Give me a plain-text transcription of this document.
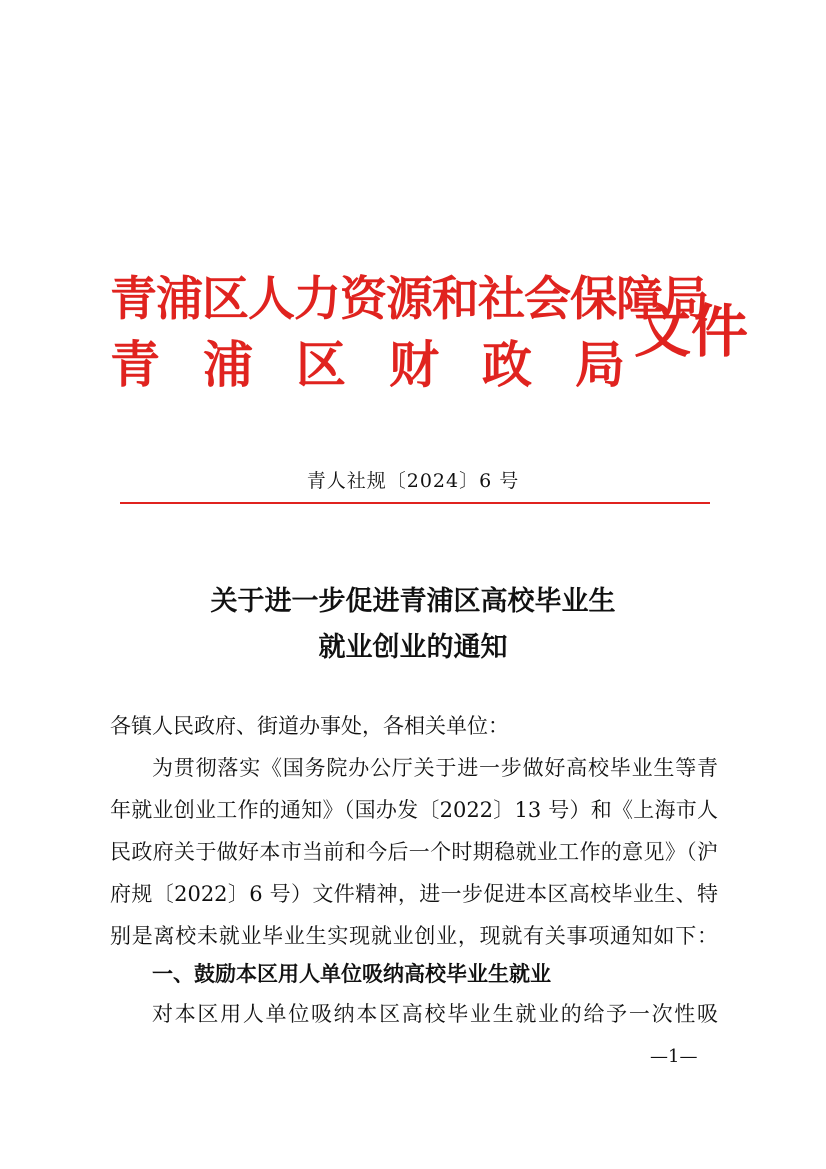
青浦区人力资源和社会保障局
青 浦 区 财 政 局 文件
青人社规〔2024〕6 号
关于进一步促进青浦区高校毕业生
就业创业的通知
各镇人民政府、街道办事处，各相关单位：
为贯彻落实《国务院办公厅关于进一步做好高校毕业生等青
年就业创业工作的通知》（国办发〔2022〕13 号）和《上海市人
民政府关于做好本市当前和今后一个时期稳就业工作的意见》（沪
府规〔2022〕6 号）文件精神，进一步促进本区高校毕业生、特
别是离校未就业毕业生实现就业创业，现就有关事项通知如下：
一、鼓励本区用人单位吸纳高校毕业生就业
对本区用人单位吸纳本区高校毕业生就业的给予一次性吸
—1—
